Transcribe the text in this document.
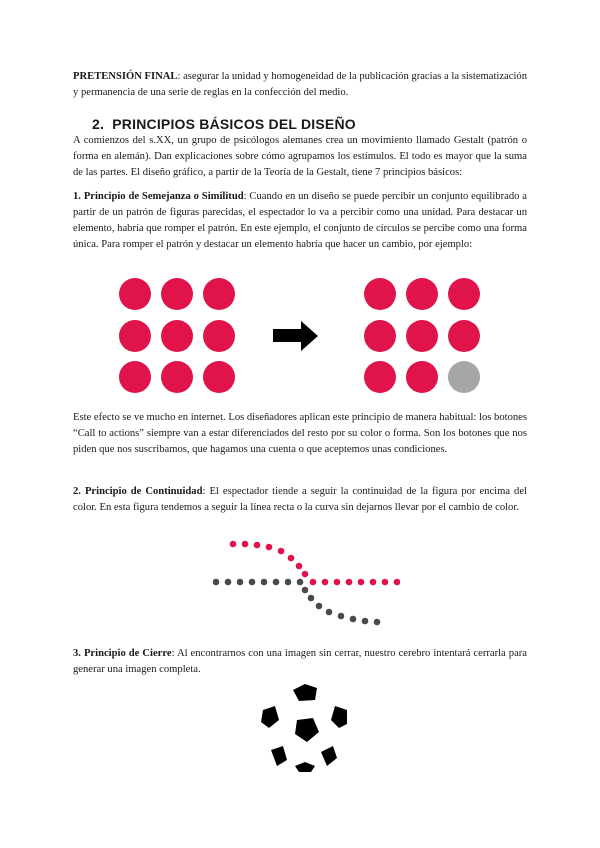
PRETENSIÓN FINAL: asegurar la unidad y homogeneidad de la publicación gracias a la sistematización y permanencia de una serie de reglas en la confección del medio.

2. PRINCIPIOS BÁSICOS DEL DISEÑO

A comienzos del s.XX, un grupo de psicólogos alemanes crea un movimiento llamado Gestalt (patrón o forma en alemán). Dan explicaciones sobre cómo agrupamos los estímulos. El todo es mayor que la suma de las partes. El diseño gráfico, a partir de la Teoría de la Gestalt, tiene 7 principios básicos:

1. Principio de Semejanza o Similitud: Cuando en un diseño se puede percibir un conjunto equilibrado a partir de un patrón de figuras parecidas, el espectador lo va a percibir como una unidad. Para destacar un elemento, habría que romper el patrón. En este ejemplo, el conjunto de círculos se percibe como una forma única. Para romper el patrón y destacar un elemento habría que hacer un cambio, por ejemplo:

Este efecto se ve mucho en internet. Los diseñadores aplican este principio de manera habitual: los botones “Call to actions” siempre van a estar diferenciados del resto por su color o forma. Son los botones que nos piden que nos suscribamos, que hagamos una cuenta o que aceptemos unas condiciones.

2. Principio de Continuidad: El espectador tiende a seguir la continuidad de la figura por encima del color. En esta figura tendemos a seguir la línea recta o la curva sin dejarnos llevar por el cambio de color.

3. Principio de Cierre: Al encontrarnos con una imagen sin cerrar, nuestro cerebro intentará cerrarla para generar una imagen completa.
